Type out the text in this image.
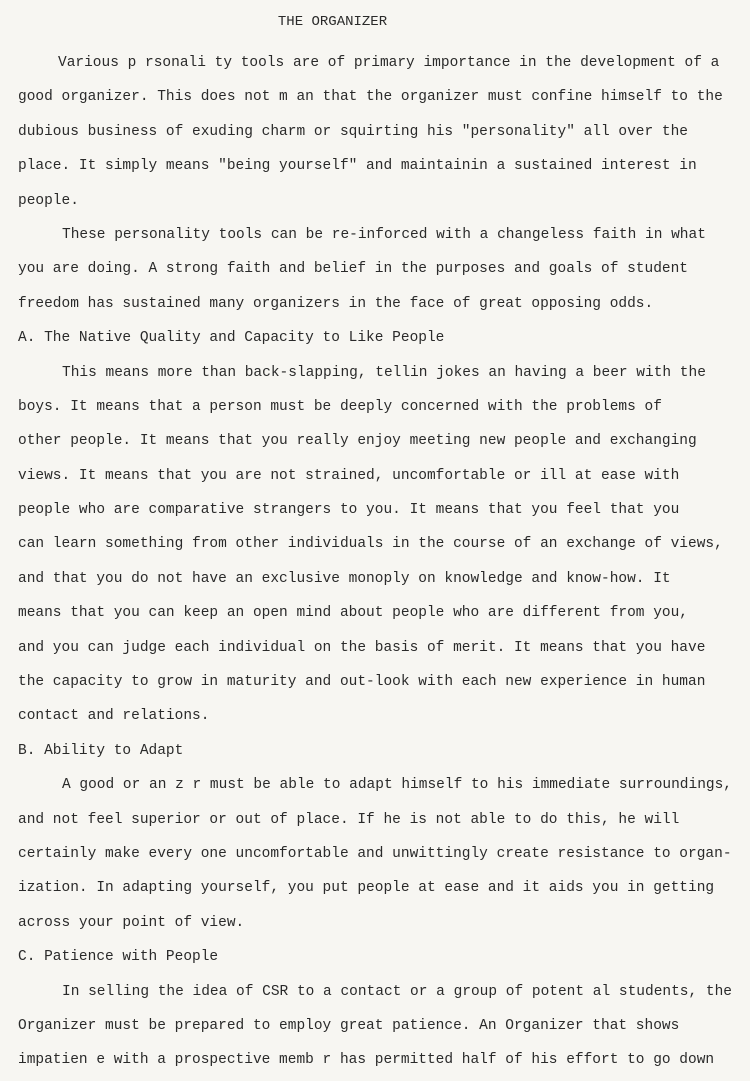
THE ORGANIZER
Various p rsonali ty tools are of primary importance in the development of a
good organizer. This does not m an that the organizer must confine himself to the
dubious business of exuding charm or squirting his "personality" all over the
place. It simply means "being yourself" and maintainin a sustained interest in
people.
These personality tools can be re-inforced with a changeless faith in what
you are doing. A strong faith and belief in the purposes and goals of student
freedom has sustained many organizers in the face of great opposing odds.
A. The Native Quality and Capacity to Like People
This means more than back-slapping, tellin jokes an having a beer with the
boys. It means that a person must be deeply concerned with the problems of
other people. It means that you really enjoy meeting new people and exchanging
views. It means that you are not strained, uncomfortable or ill at ease with
people who are comparative strangers to you. It means that you feel that you
can learn something from other individuals in the course of an exchange of views,
and that you do not have an exclusive monoply on knowledge and know-how. It
means that you can keep an open mind about people who are different from you,
and you can judge each individual on the basis of merit. It means that you have
the capacity to grow in maturity and out-look with each new experience in human
contact and relations.
B. Ability to Adapt
A good or an z r must be able to adapt himself to his immediate surroundings,
and not feel superior or out of place. If he is not able to do this, he will
certainly make every one uncomfortable and unwittingly create resistance to organ-
ization. In adapting yourself, you put people at ease and it aids you in getting
across your point of view.
C. Patience with People
In selling the idea of CSR to a contact or a group of potent al students, the
Organizer must be prepared to employ great patience. An Organizer that shows
impatien e with a prospective memb r has permitted half of his effort to go down
